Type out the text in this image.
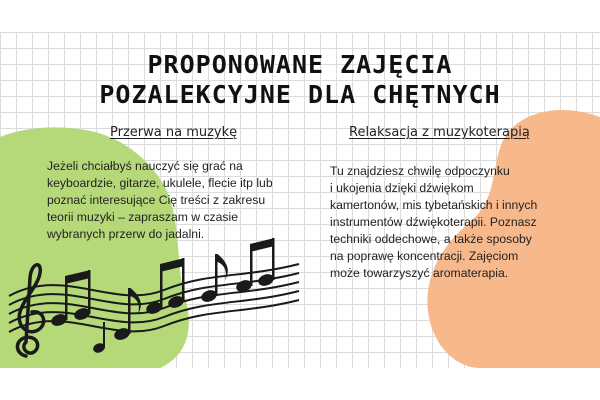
PROPONOWANE ZAJĘCIA
POZALEKCYJNE DLA CHĘTNYCH
Przerwa na muzykę	Relaksacja z muzykoterapią
Jeżeli chciałbyś nauczyć się grać na
keyboardzie, gitarze, ukulele, flecie itp lub
poznać interesujące Cię treści z zakresu
teorii muzyki – zapraszam w czasie
wybranych przerw do jadalni.
Tu znajdziesz chwilę odpoczynku
i ukojenia dzięki dźwiękom
kamertonów, mis tybetańskich i innych
instrumentów dźwiękoterapii. Poznasz
techniki oddechowe, a także sposoby
na poprawę koncentracji. Zajęciom
może towarzyszyć aromaterapia.
